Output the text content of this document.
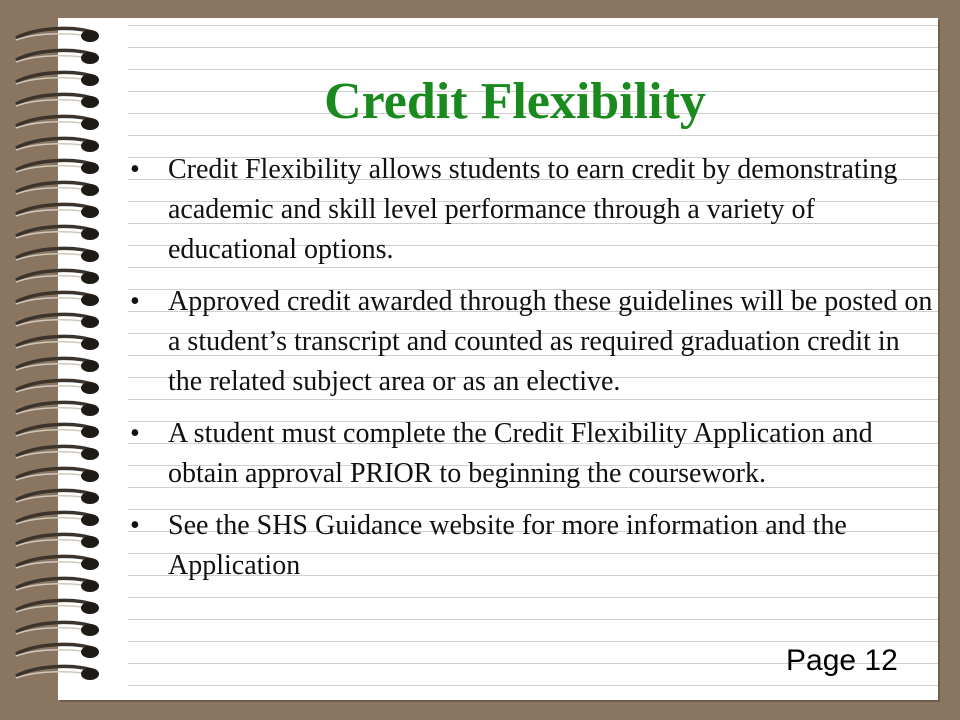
Credit Flexibility
• Credit Flexibility allows students to earn credit by demonstrating academic and skill level performance through a variety of educational options.
• Approved credit awarded through these guidelines will be posted on a student’s transcript and counted as required graduation credit in the related subject area or as an elective.
• A student must complete the Credit Flexibility Application and obtain approval PRIOR to beginning the coursework.
• See the SHS Guidance website for more information and the Application
Page 12
